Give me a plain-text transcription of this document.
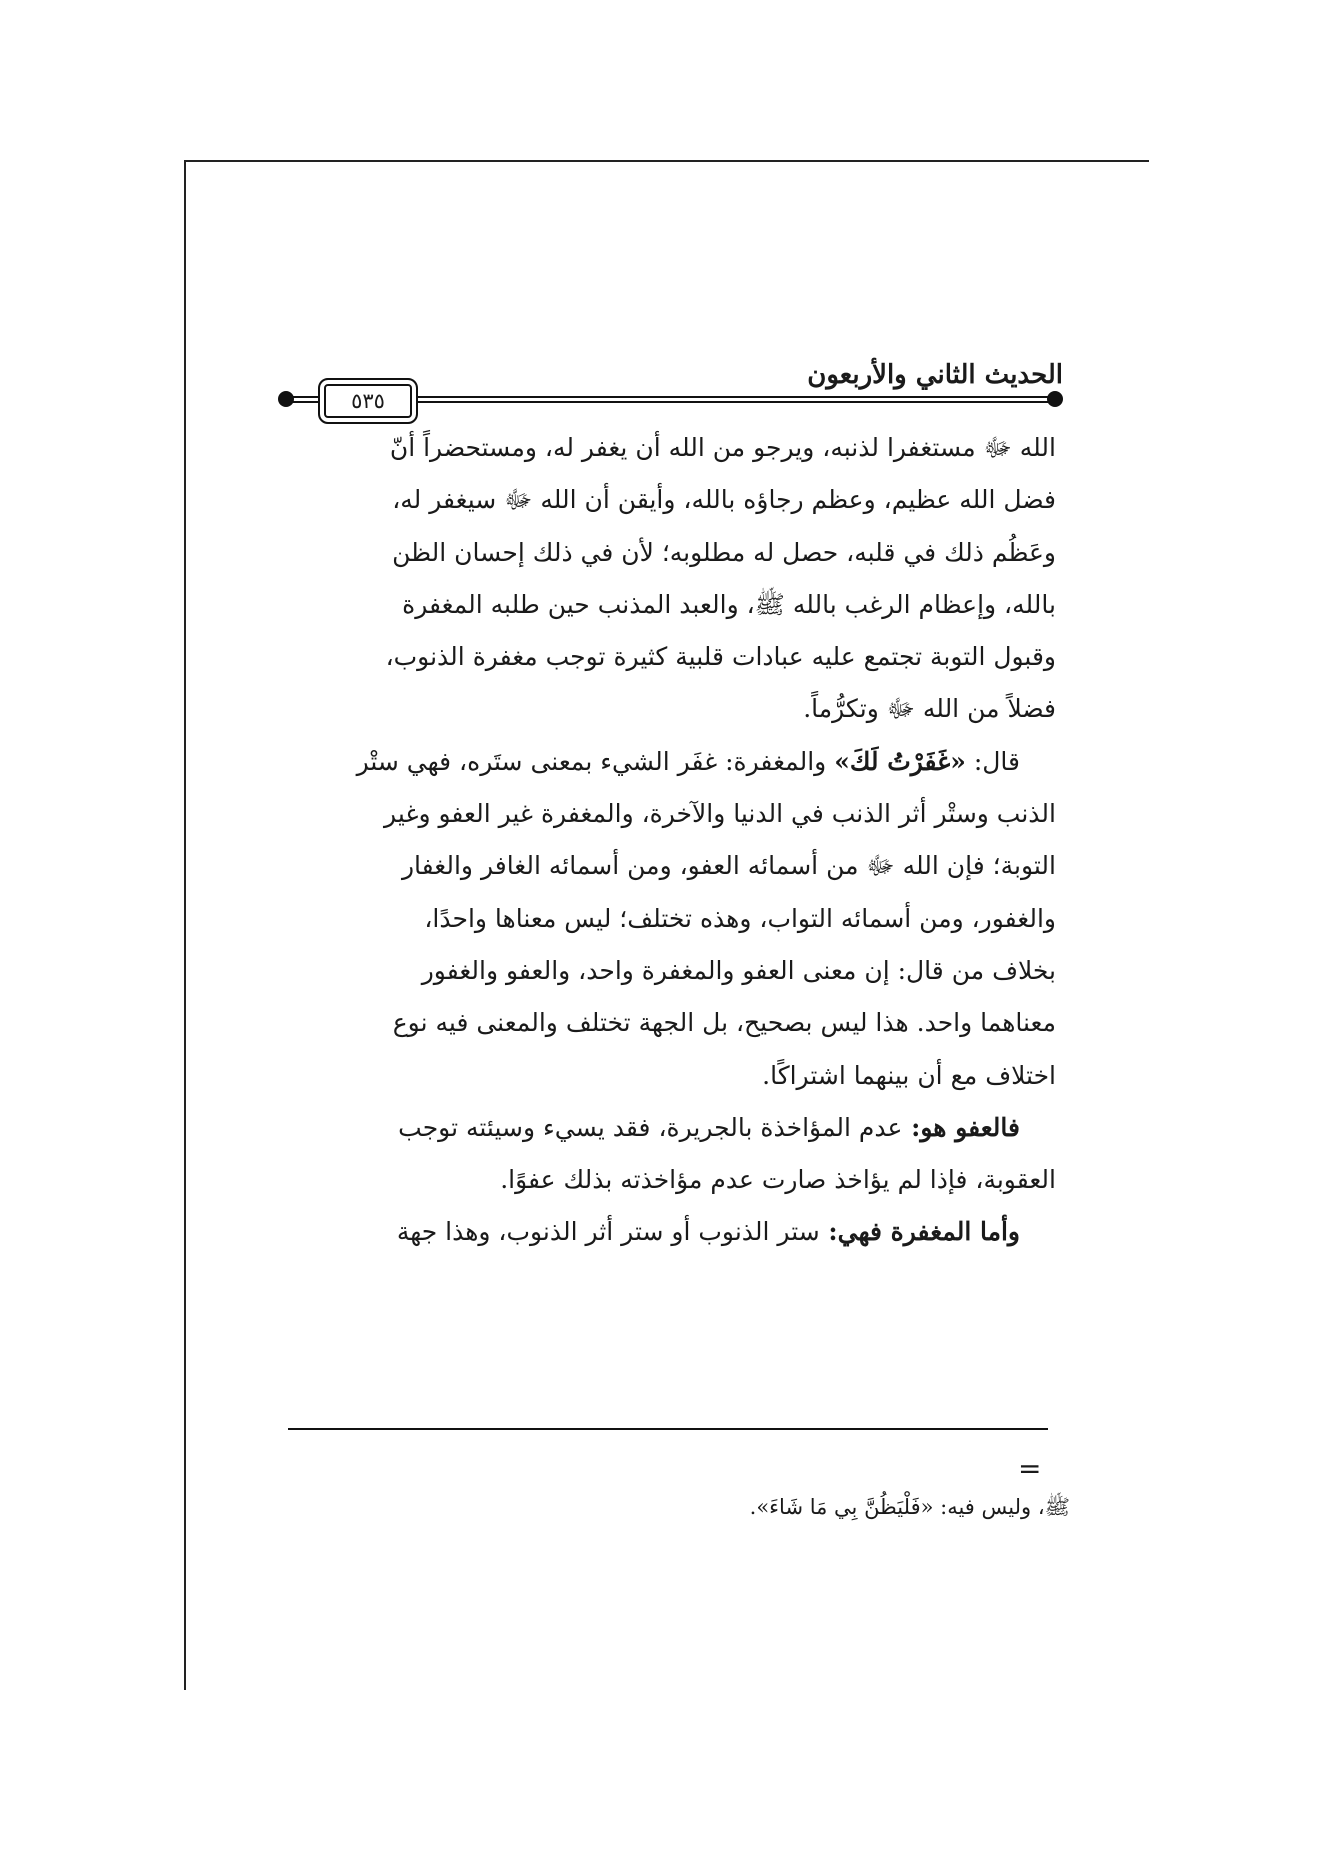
٥٣٥
الحديث الثاني والأربعون

الله ﷻ مستغفرا لذنبه، ويرجو من الله أن يغفر له، ومستحضراً أنّ

فضل الله عظيم، وعظم رجاؤه بالله، وأيقن أن الله ﷻ سيغفر له،

وعَظُم ذلك في قلبه، حصل له مطلوبه؛ لأن في ذلك إحسان الظن

بالله، وإعظام الرغب بالله ﷺ، والعبد المذنب حين طلبه المغفرة

وقبول التوبة تجتمع عليه عبادات قلبية كثيرة توجب مغفرة الذنوب،

فضلاً من الله ﷻ وتكرُّماً.

قال: «غَفَرْتُ لَكَ» والمغفرة: غفَر الشيء بمعنى ستَره، فهي ستْر

الذنب وستْر أثر الذنب في الدنيا والآخرة، والمغفرة غير العفو وغير

التوبة؛ فإن الله ﷻ من أسمائه العفو، ومن أسمائه الغافر والغفار

والغفور، ومن أسمائه التواب، وهذه تختلف؛ ليس معناها واحدًا،

بخلاف من قال: إن معنى العفو والمغفرة واحد، والعفو والغفور

معناهما واحد. هذا ليس بصحيح، بل الجهة تختلف والمعنى فيه نوع

اختلاف مع أن بينهما اشتراكًا.

فالعفو هو: عدم المؤاخذة بالجريرة، فقد يسيء وسيئته توجب

العقوبة، فإذا لم يؤاخذ صارت عدم مؤاخذته بذلك عفوًا.

وأما المغفرة فهي: ستر الذنوب أو ستر أثر الذنوب، وهذا جهة

=
ﷺ، وليس فيه: «فَلْيَظُنَّ بِي مَا شَاءَ».
